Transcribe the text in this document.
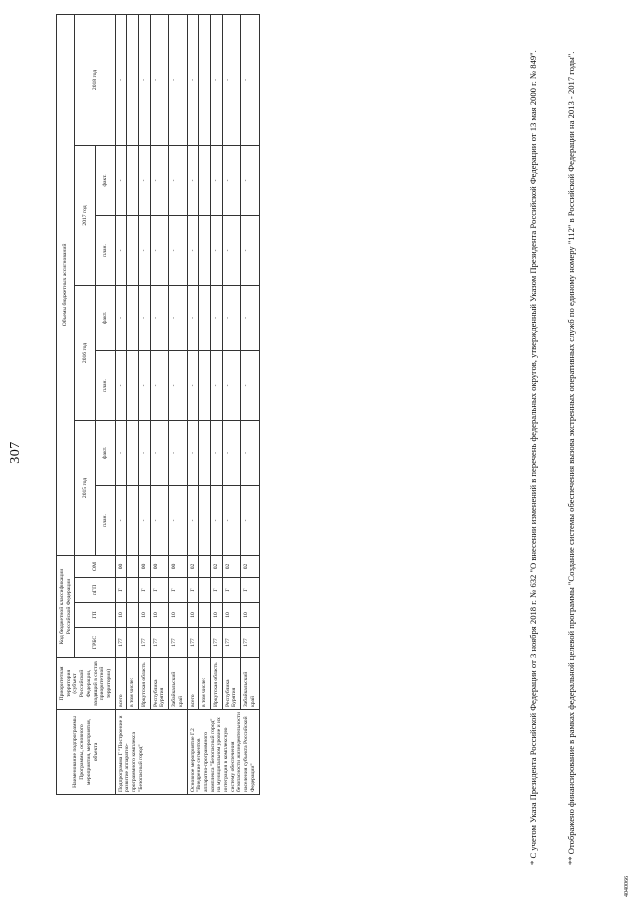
307
Наименование подпрограммы Программы, основного мероприятия, мероприятия, объекта	Приоритетная территория (субъект Российской Федерации, входящий в состав приоритетной территории)	Код бюджетной классификации Российской Федерации				Объемы бюджетных ассигнований						
		ГРБС	ГП	пГП	ОМ	2015 год		2016 год		2017 год		2018 год
						план.	факт.	план.	факт.	план.	факт.	

Подпрограмма Г "Построение и развитие аппаратно-программного комплекса "Безопасный город"	всего	177	10	Г	00	-	-	-	-	-	-	-
	в том числе:											
	Иркутская область	177	10	Г	00	-	-	-	-	-	-	-
	Республика Бурятия	177	10	Г	00	-	-	-	-	-	-	-
	Забайкальский край	177	10	Г	00	-	-	-	-	-	-	-
Основное мероприятие Г.2 "Внедрение сегментов аппаратно-программного комплекса "Безопасный город" на муниципальном уровне и их интеграция в комплексную систему обеспечения безопасности жизнедеятельности населения субъекта Российской Федерации"	всего	177	10	Г	02	-	-	-	-	-	-	-
	в том числе:											
	Иркутская область	177	10	Г	02	-	-	-	-	-	-	-
	Республика Бурятия	177	10	Г	02	-	-	-	-	-	-	-
	Забайкальский край	177	10	Г	02	-	-	-	-	-	-	-	* С учетом Указа Президента Российской Федерации от 3 ноября 2018 г. № 632 "О внесении изменений в перечень федеральных округов, утвержденный Указом Президента Российской Федерации от 13 мая 2000 г. № 849".	** Отображено финансирование в рамках федеральной целевой программы "Создание системы обеспечения вызова экстренных оперативных служб по единому номеру "112" в Российской Федерации на 2013 - 2017 годы".
4040066
